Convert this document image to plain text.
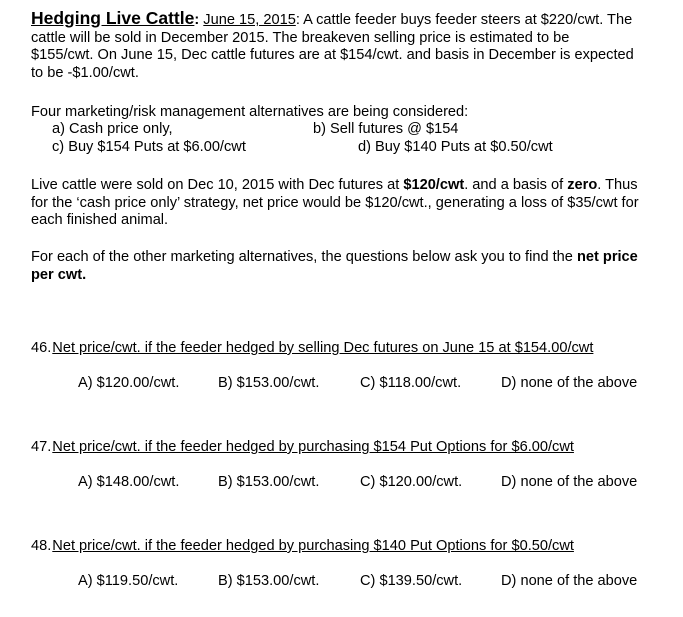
Hedging Live Cattle: June 15, 2015: A cattle feeder buys feeder steers at $220/cwt. The
cattle will be sold in December 2015. The breakeven selling price is estimated to be
$155/cwt. On June 15, Dec cattle futures are at $154/cwt. and basis in December is expected
to be -$1.00/cwt.
Four marketing/risk management alternatives are being considered:
a) Cash price only,	b) Sell futures @ $154
c) Buy $154 Puts at $6.00/cwt	d) Buy $140 Puts at $0.50/cwt
Live cattle were sold on Dec 10, 2015 with Dec futures at $120/cwt. and a basis of zero. Thus
for the ‘cash price only’ strategy, net price would be $120/cwt., generating a loss of $35/cwt for
each finished animal.
For each of the other marketing alternatives, the questions below ask you to find the net price
per cwt.
46.Net price/cwt. if the feeder hedged by selling Dec futures on June 15 at $154.00/cwt
A) $120.00/cwt.	B) $153.00/cwt.	C) $118.00/cwt.	D) none of the above
47.Net price/cwt. if the feeder hedged by purchasing $154 Put Options for $6.00/cwt
A) $148.00/cwt.	B) $153.00/cwt.	C) $120.00/cwt.	D) none of the above
48.Net price/cwt. if the feeder hedged by purchasing $140 Put Options for $0.50/cwt
A) $119.50/cwt.	B) $153.00/cwt.	C) $139.50/cwt.	D) none of the above
